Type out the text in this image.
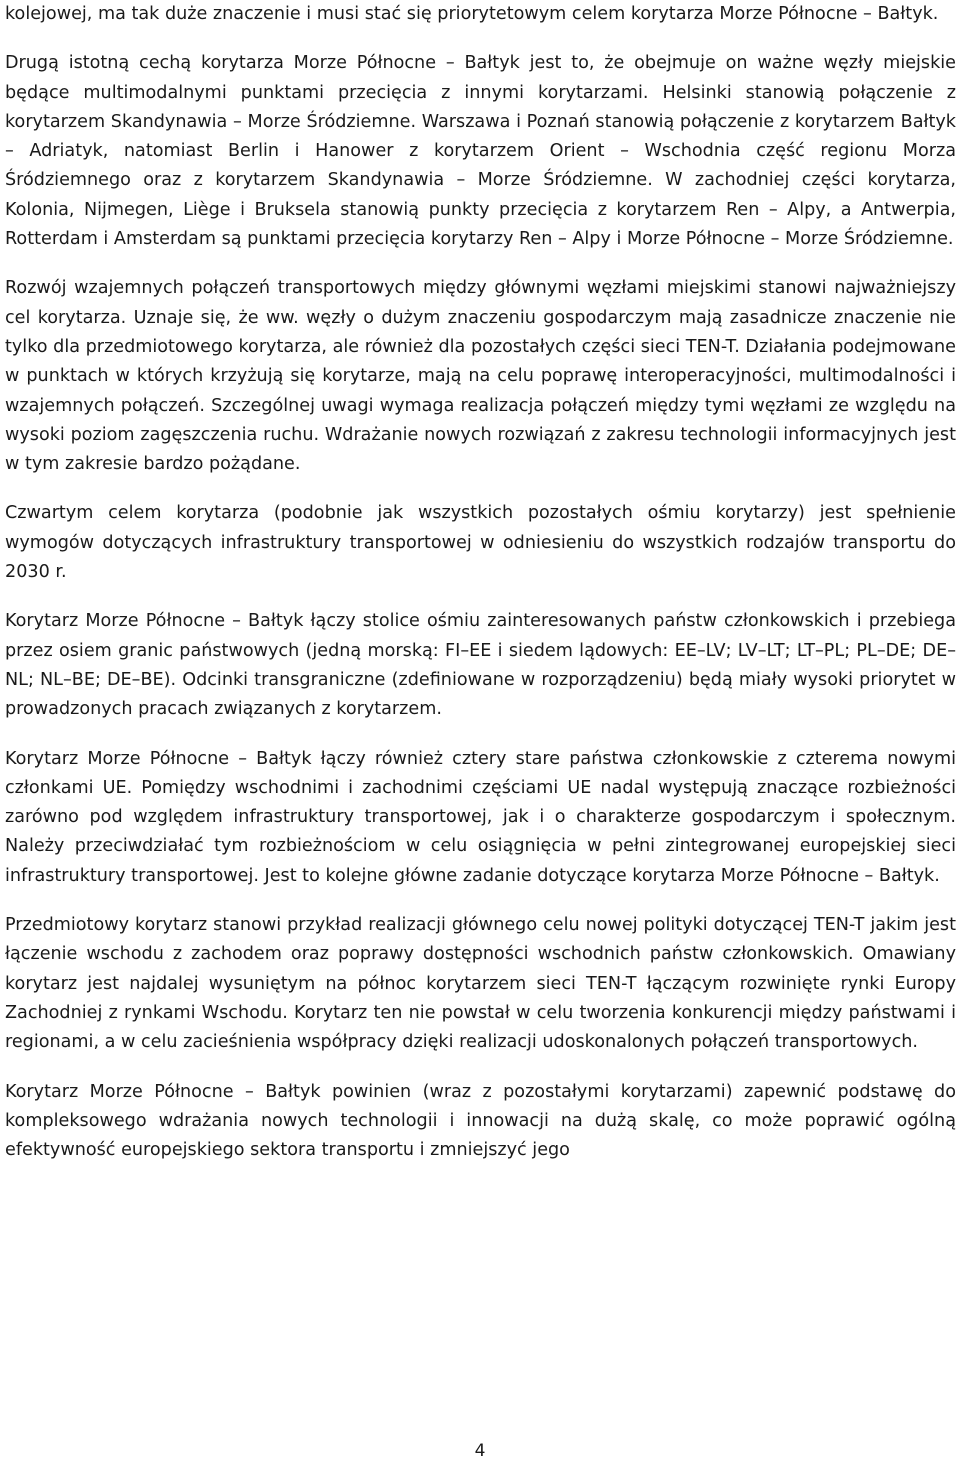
kolejowej, ma tak duże znaczenie i musi stać się priorytetowym celem korytarza Morze Północne – Bałtyk.

Drugą istotną cechą korytarza Morze Północne – Bałtyk jest to, że obejmuje on ważne węzły miejskie będące multimodalnymi punktami przecięcia z innymi korytarzami. Helsinki stanowią połączenie z korytarzem Skandynawia – Morze Śródziemne. Warszawa i Poznań stanowią połączenie z korytarzem Bałtyk – Adriatyk, natomiast Berlin i Hanower z korytarzem Orient – Wschodnia część regionu Morza Śródziemnego oraz z korytarzem Skandynawia – Morze Śródziemne. W zachodniej części korytarza, Kolonia, Nijmegen, Liège i Bruksela stanowią punkty przecięcia z korytarzem Ren – Alpy, a Antwerpia, Rotterdam i Amsterdam są punktami przecięcia korytarzy Ren – Alpy i Morze Północne – Morze Śródziemne.

Rozwój wzajemnych połączeń transportowych między głównymi węzłami miejskimi stanowi najważniejszy cel korytarza. Uznaje się, że ww. węzły o dużym znaczeniu gospodarczym mają zasadnicze znaczenie nie tylko dla przedmiotowego korytarza, ale również dla pozostałych części sieci TEN-T. Działania podejmowane w punktach w których krzyżują się korytarze, mają na celu poprawę interoperacyjności, multimodalności i wzajemnych połączeń. Szczególnej uwagi wymaga realizacja połączeń między tymi węzłami ze względu na wysoki poziom zagęszczenia ruchu. Wdrażanie nowych rozwiązań z zakresu technologii informacyjnych jest w tym zakresie bardzo pożądane.

Czwartym celem korytarza (podobnie jak wszystkich pozostałych ośmiu korytarzy) jest spełnienie wymogów dotyczących infrastruktury transportowej w odniesieniu do wszystkich rodzajów transportu do 2030 r.

Korytarz Morze Północne – Bałtyk łączy stolice ośmiu zainteresowanych państw członkowskich i przebiega przez osiem granic państwowych (jedną morską: FI–EE i siedem lądowych: EE–LV; LV–LT; LT–PL; PL–DE; DE–NL; NL–BE; DE–BE). Odcinki transgraniczne (zdefiniowane w rozporządzeniu) będą miały wysoki priorytet w prowadzonych pracach związanych z korytarzem.

Korytarz Morze Północne – Bałtyk łączy również cztery stare państwa członkowskie z czterema nowymi członkami UE. Pomiędzy wschodnimi i zachodnimi częściami UE nadal występują znaczące rozbieżności zarówno pod względem infrastruktury transportowej, jak i o charakterze gospodarczym i społecznym. Należy przeciwdziałać tym rozbieżnościom w celu osiągnięcia w pełni zintegrowanej europejskiej sieci infrastruktury transportowej. Jest to kolejne główne zadanie dotyczące korytarza Morze Północne – Bałtyk.

Przedmiotowy korytarz stanowi przykład realizacji głównego celu nowej polityki dotyczącej TEN-T jakim jest łączenie wschodu z zachodem oraz poprawy dostępności wschodnich państw członkowskich. Omawiany korytarz jest najdalej wysuniętym na północ korytarzem sieci TEN-T łączącym rozwinięte rynki Europy Zachodniej z rynkami Wschodu. Korytarz ten nie powstał w celu tworzenia konkurencji między państwami i regionami, a w celu zacieśnienia współpracy dzięki realizacji udoskonalonych połączeń transportowych.

Korytarz Morze Północne – Bałtyk powinien (wraz z pozostałymi korytarzami) zapewnić podstawę do kompleksowego wdrażania nowych technologii i innowacji na dużą skalę, co może poprawić ogólną efektywność europejskiego sektora transportu i zmniejszyć jego

4
